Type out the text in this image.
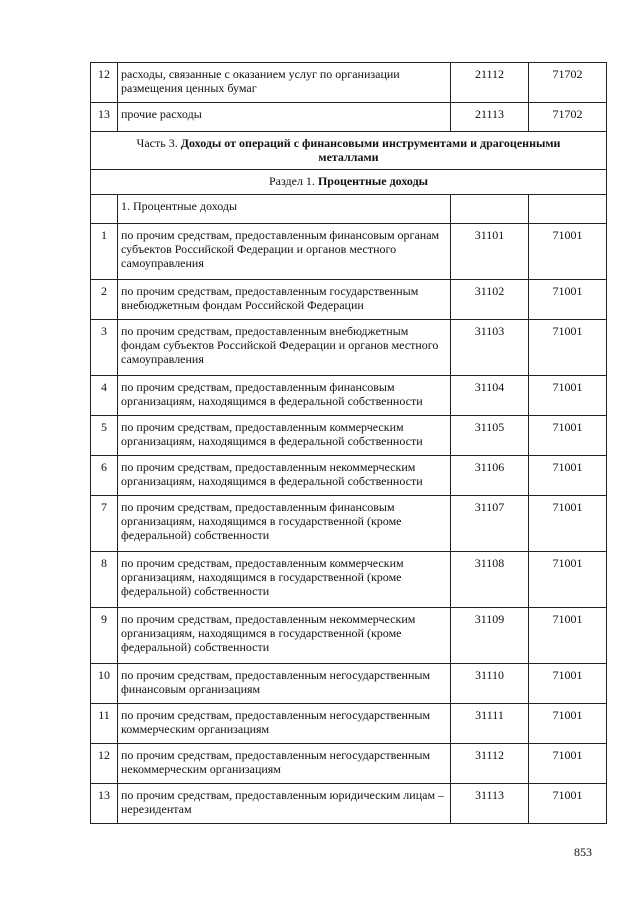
12	расходы, связанные с оказанием услуг по организации размещения ценных бумаг	21112	71702
13	прочие расходы	21113	71702
Часть 3. Доходы от операций с финансовыми инструментами и драгоценными металлами			
Раздел 1. Процентные доходы			
	1. Процентные доходы		
1	по прочим средствам, предоставленным финансовым органам субъектов Российской Федерации и органов местного самоуправления	31101	71001
2	по прочим средствам, предоставленным государственным внебюджетным фондам Российской Федерации	31102	71001
3	по прочим средствам, предоставленным внебюджетным фондам субъектов Российской Федерации и органов местного самоуправления	31103	71001
4	по прочим средствам, предоставленным финансовым организациям, находящимся в федеральной собственности	31104	71001
5	по прочим средствам, предоставленным коммерческим организациям, находящимся в федеральной собственности	31105	71001
6	по прочим средствам, предоставленным некоммерческим организациям, находящимся в федеральной собственности	31106	71001
7	по прочим средствам, предоставленным финансовым организациям, находящимся в государственной (кроме федеральной) собственности	31107	71001
8	по прочим средствам, предоставленным коммерческим организациям, находящимся в государственной (кроме федеральной) собственности	31108	71001
9	по прочим средствам, предоставленным некоммерческим организациям, находящимся в государственной (кроме федеральной) собственности	31109	71001
10	по прочим средствам, предоставленным негосударственным финансовым организациям	31110	71001
11	по прочим средствам, предоставленным негосударственным коммерческим организациям	31111	71001
12	по прочим средствам, предоставленным негосударственным некоммерческим организациям	31112	71001
13	по прочим средствам, предоставленным юридическим лицам – нерезидентам	31113	71001
853
